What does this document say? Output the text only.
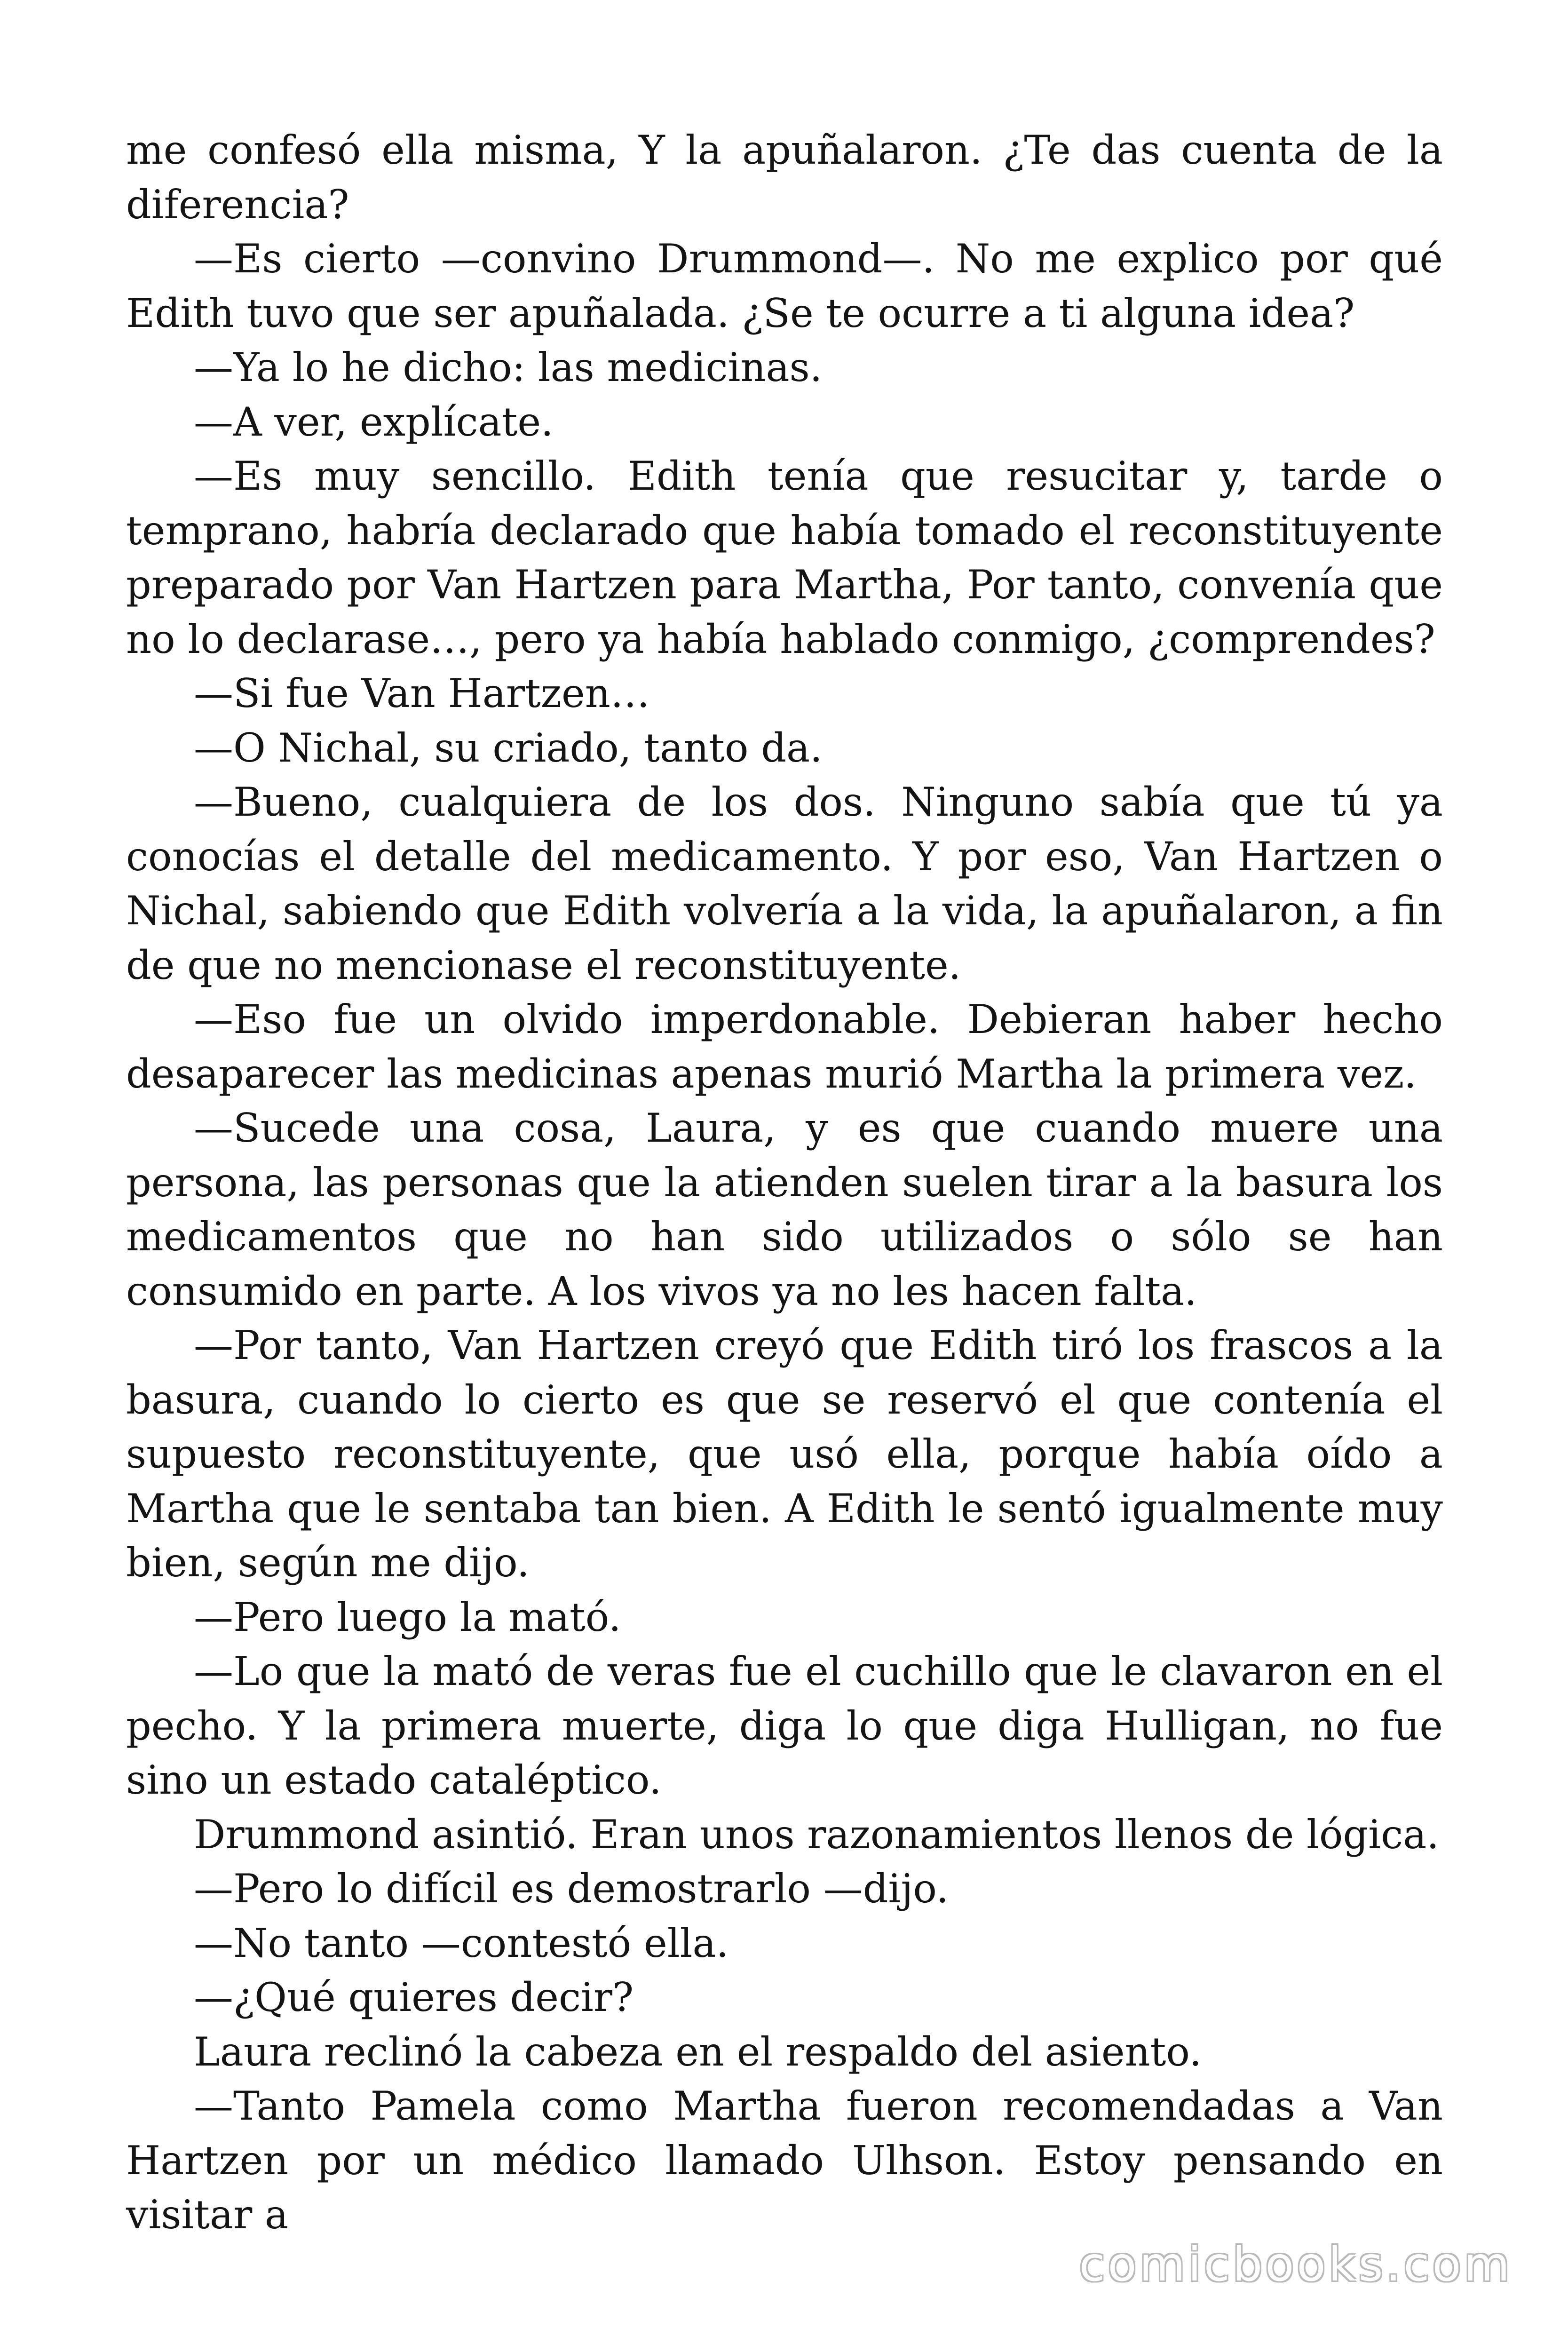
me confesó ella misma, Y la apuñalaron. ¿Te das cuenta de la diferencia?

—Es cierto —convino Drummond—. No me explico por qué Edith tuvo que ser apuñalada. ¿Se te ocurre a ti alguna idea?

—Ya lo he dicho: las medicinas.

—A ver, explícate.

—Es muy sencillo. Edith tenía que resucitar y, tarde o temprano, habría declarado que había tomado el reconstituyente preparado por Van Hartzen para Martha, Por tanto, convenía que no lo declarase…, pero ya había hablado conmigo, ¿comprendes?

—Si fue Van Hartzen…

—O Nichal, su criado, tanto da.

—Bueno, cualquiera de los dos. Ninguno sabía que tú ya conocías el detalle del medicamento. Y por eso, Van Hartzen o Nichal, sabiendo que Edith volvería a la vida, la apuñalaron, a fin de que no mencionase el reconstituyente.

—Eso fue un olvido imperdonable. Debieran haber hecho desaparecer las medicinas apenas murió Martha la primera vez.

—Sucede una cosa, Laura, y es que cuando muere una persona, las personas que la atienden suelen tirar a la basura los medicamentos que no han sido utilizados o sólo se han consumido en parte. A los vivos ya no les hacen falta.

—Por tanto, Van Hartzen creyó que Edith tiró los frascos a la basura, cuando lo cierto es que se reservó el que contenía el supuesto reconstituyente, que usó ella, porque había oído a Martha que le sentaba tan bien. A Edith le sentó igualmente muy bien, según me dijo.

—Pero luego la mató.

—Lo que la mató de veras fue el cuchillo que le clavaron en el pecho. Y la primera muerte, diga lo que diga Hulligan, no fue sino un estado cataléptico.

Drummond asintió. Eran unos razonamientos llenos de lógica.

—Pero lo difícil es demostrarlo —dijo.

—No tanto —contestó ella.

—¿Qué quieres decir?

Laura reclinó la cabeza en el respaldo del asiento.

—Tanto Pamela como Martha fueron recomendadas a Van Hartzen por un médico llamado Ulhson. Estoy pensando en visitar a

comicbooks.com
